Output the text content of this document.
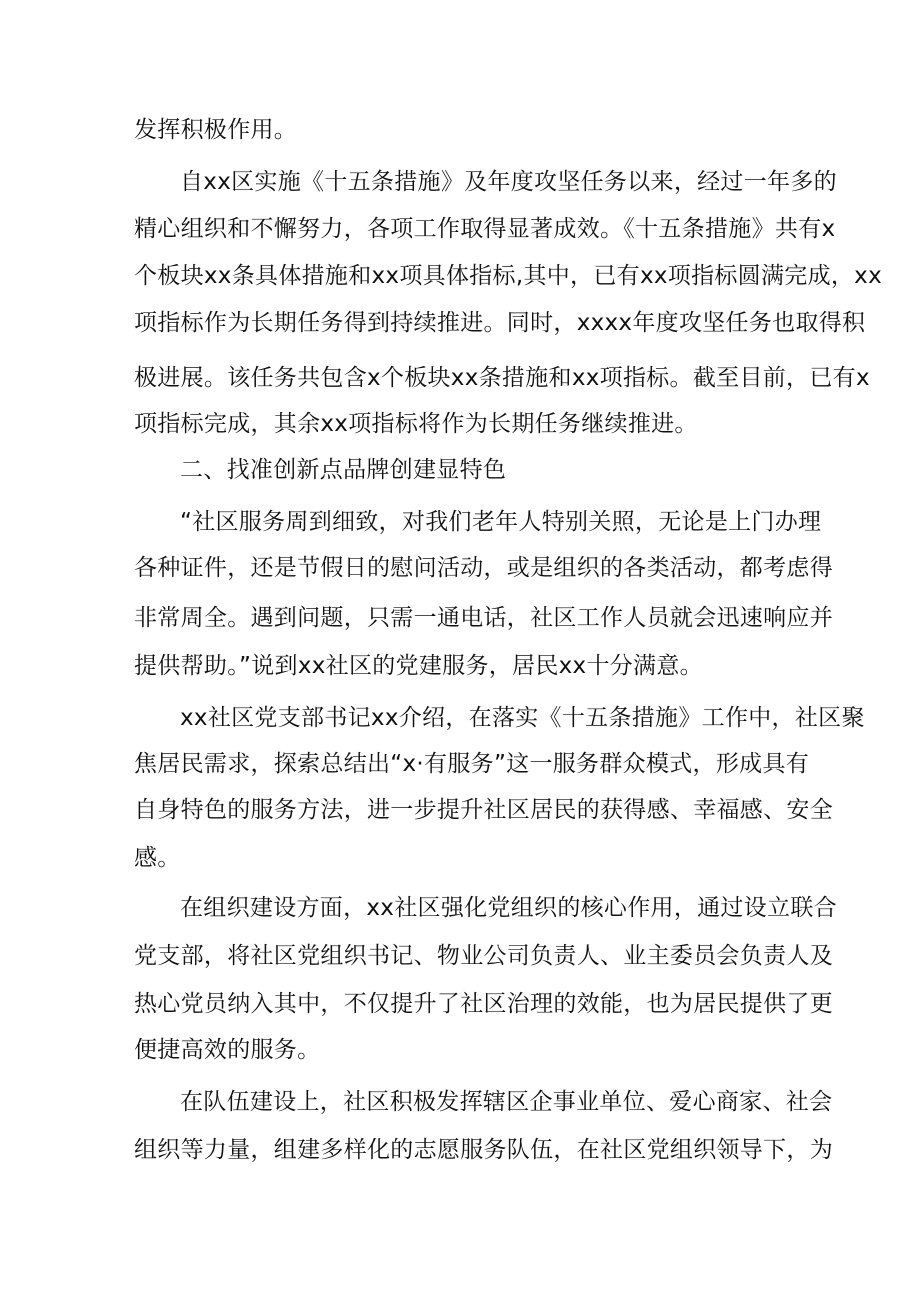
发挥积极作用。
自xx区实施《十五条措施》及年度攻坚任务以来，经过一年多的
精心组织和不懈努力，各项工作取得显著成效。《十五条措施》共有x
个板块xx条具体措施和xx项具体指标,其中，已有xx项指标圆满完成，xx
项指标作为长期任务得到持续推进。同时，xxxx年度攻坚任务也取得积
极进展。该任务共包含x个板块xx条措施和xx项指标。截至目前，已有x
项指标完成，其余xx项指标将作为长期任务继续推进。
二、找准创新点品牌创建显特色
“社区服务周到细致，对我们老年人特别关照，无论是上门办理
各种证件，还是节假日的慰问活动，或是组织的各类活动，都考虑得
非常周全。遇到问题，只需一通电话，社区工作人员就会迅速响应并
提供帮助。”说到xx社区的党建服务，居民xx十分满意。
xx社区党支部书记xx介绍，在落实《十五条措施》工作中，社区聚
焦居民需求，探索总结出“x·有服务”这一服务群众模式，形成具有
自身特色的服务方法，进一步提升社区居民的获得感、幸福感、安全
感。
在组织建设方面，xx社区强化党组织的核心作用，通过设立联合
党支部，将社区党组织书记、物业公司负责人、业主委员会负责人及
热心党员纳入其中，不仅提升了社区治理的效能，也为居民提供了更
便捷高效的服务。
在队伍建设上，社区积极发挥辖区企事业单位、爱心商家、社会
组织等力量，组建多样化的志愿服务队伍，在社区党组织领导下，为
